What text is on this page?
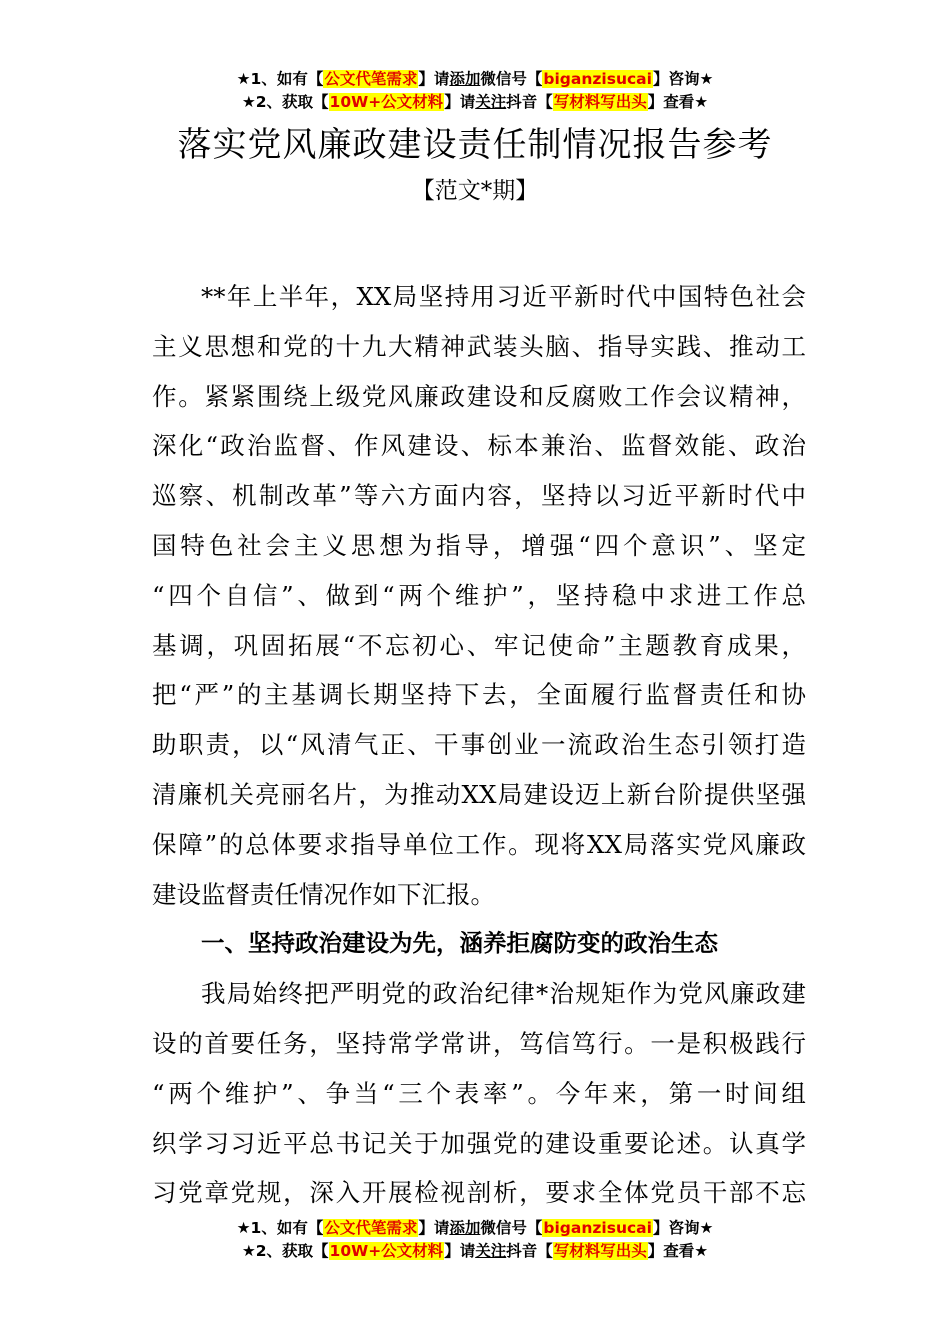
★1、如有【公文代笔需求】请添加微信号【biganzisucai】咨询★
★2、获取【10W+公文材料】请关注抖音【写材料写出头】查看★
落实党风廉政建设责任制情况报告参考
【范文*期】
**年上半年，XX局坚持用习近平新时代中国特色社会
主义思想和党的十九大精神武装头脑、指导实践、推动工
作。紧紧围绕上级党风廉政建设和反腐败工作会议精神，
深化“政治监督、作风建设、标本兼治、监督效能、政治
巡察、机制改革”等六方面内容，坚持以习近平新时代中
国特色社会主义思想为指导，增强“四个意识”、坚定
“四个自信”、做到“两个维护”，坚持稳中求进工作总
基调，巩固拓展“不忘初心、牢记使命”主题教育成果，
把“严”的主基调长期坚持下去，全面履行监督责任和协
助职责，以“风清气正、干事创业一流政治生态引领打造
清廉机关亮丽名片，为推动XX局建设迈上新台阶提供坚强
保障”的总体要求指导单位工作。现将XX局落实党风廉政
建设监督责任情况作如下汇报。
一、坚持政治建设为先，涵养拒腐防变的政治生态
我局始终把严明党的政治纪律*治规矩作为党风廉政建
设的首要任务，坚持常学常讲，笃信笃行。一是积极践行
“两个维护”、争当“三个表率”。今年来，第一时间组
织学习习近平总书记关于加强党的建设重要论述。认真学
习党章党规，深入开展检视剖析，要求全体党员干部不忘
★1、如有【公文代笔需求】请添加微信号【biganzisucai】咨询★
★2、获取【10W+公文材料】请关注抖音【写材料写出头】查看★
